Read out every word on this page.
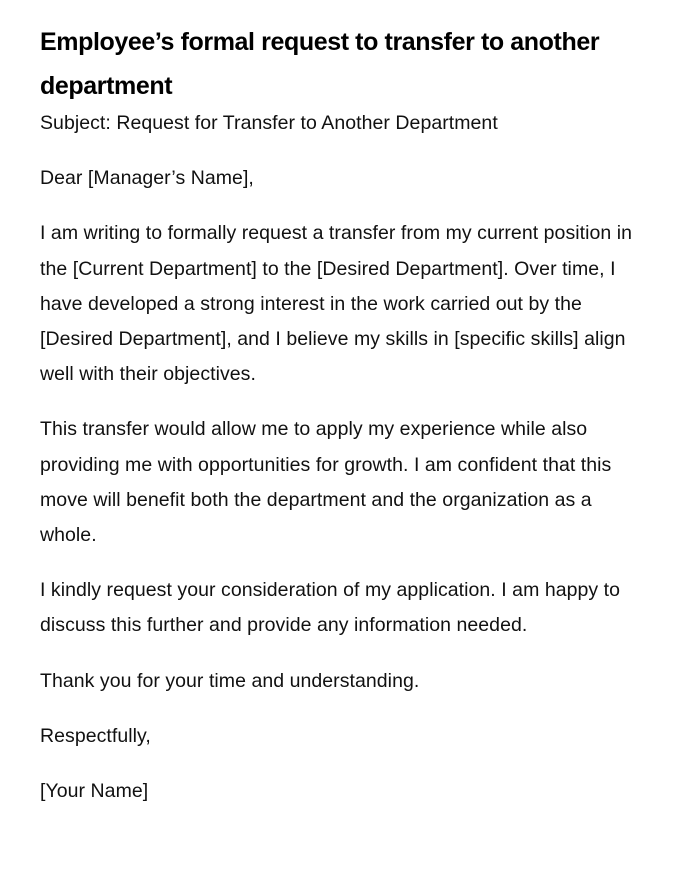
Employee’s formal request to transfer to another department

Subject: Request for Transfer to Another Department

Dear [Manager’s Name],

I am writing to formally request a transfer from my current position in the [Current Department] to the [Desired Department]. Over time, I have developed a strong interest in the work carried out by the [Desired Department], and I believe my skills in [specific skills] align well with their objectives.

This transfer would allow me to apply my experience while also providing me with opportunities for growth. I am confident that this move will benefit both the department and the organization as a whole.

I kindly request your consideration of my application. I am happy to discuss this further and provide any information needed.

Thank you for your time and understanding.

Respectfully,

[Your Name]
